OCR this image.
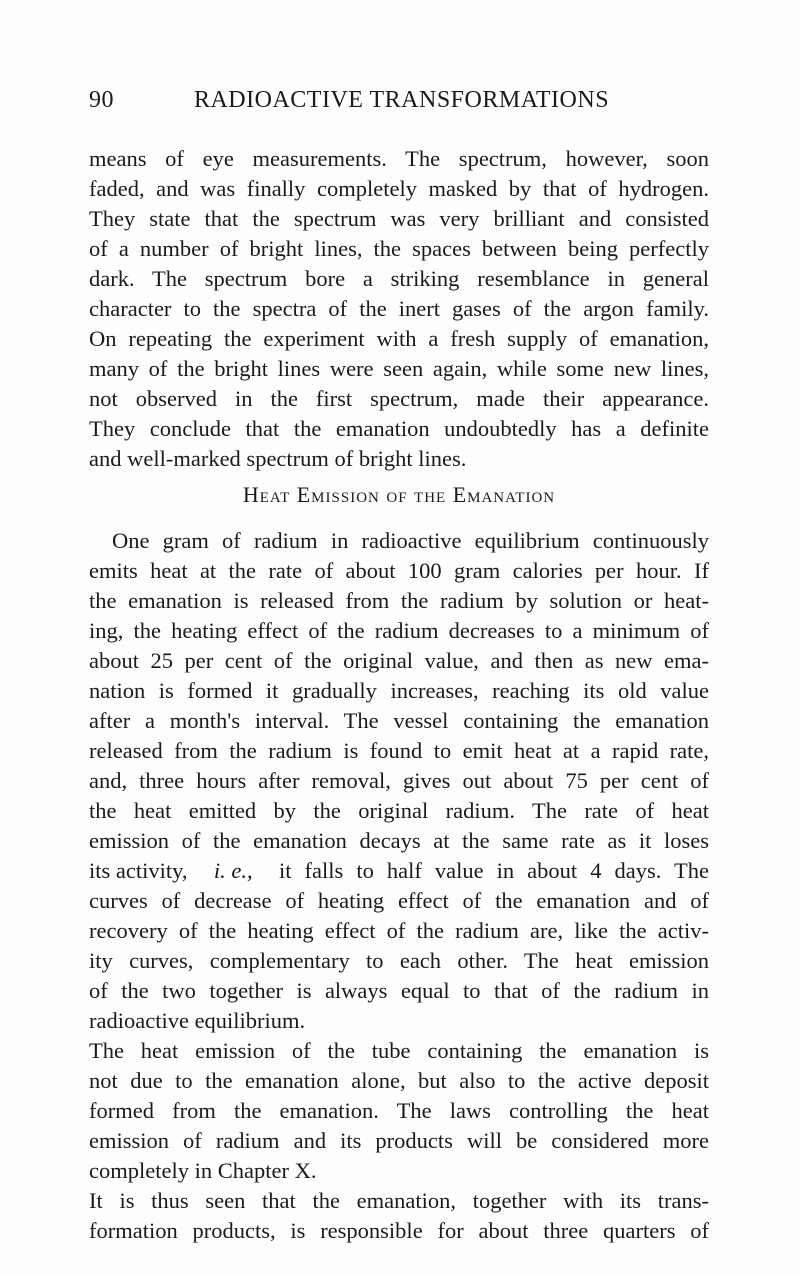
90	RADIOACTIVE TRANSFORMATIONS
means of eye measurements. The spectrum, however, soon
faded, and was finally completely masked by that of hydrogen.
They state that the spectrum was very brilliant and consisted
of a number of bright lines, the spaces between being perfectly
dark. The spectrum bore a striking resemblance in general
character to the spectra of the inert gases of the argon family.
On repeating the experiment with a fresh supply of emanation,
many of the bright lines were seen again, while some new lines,
not observed in the first spectrum, made their appearance.
They conclude that the emanation undoubtedly has a definite
and well-marked spectrum of bright lines.
Heat Emission of the Emanation
One gram of radium in radioactive equilibrium continuously
emits heat at the rate of about 100 gram calories per hour. If
the emanation is released from the radium by solution or heat-
ing, the heating effect of the radium decreases to a minimum of
about 25 per cent of the original value, and then as new ema-
nation is formed it gradually increases, reaching its old value
after a month's interval. The vessel containing the emanation
released from the radium is found to emit heat at a rapid rate,
and, three hours after removal, gives out about 75 per cent of
the heat emitted by the original radium. The rate of heat
emission of the emanation decays at the same rate as it loses
its activity, i. e., it falls to half value in about 4 days. The
curves of decrease of heating effect of the emanation and of
recovery of the heating effect of the radium are, like the activ-
ity curves, complementary to each other. The heat emission
of the two together is always equal to that of the radium in
radioactive equilibrium.
The heat emission of the tube containing the emanation is
not due to the emanation alone, but also to the active deposit
formed from the emanation. The laws controlling the heat
emission of radium and its products will be considered more
completely in Chapter X.
It is thus seen that the emanation, together with its trans-
formation products, is responsible for about three quarters of
